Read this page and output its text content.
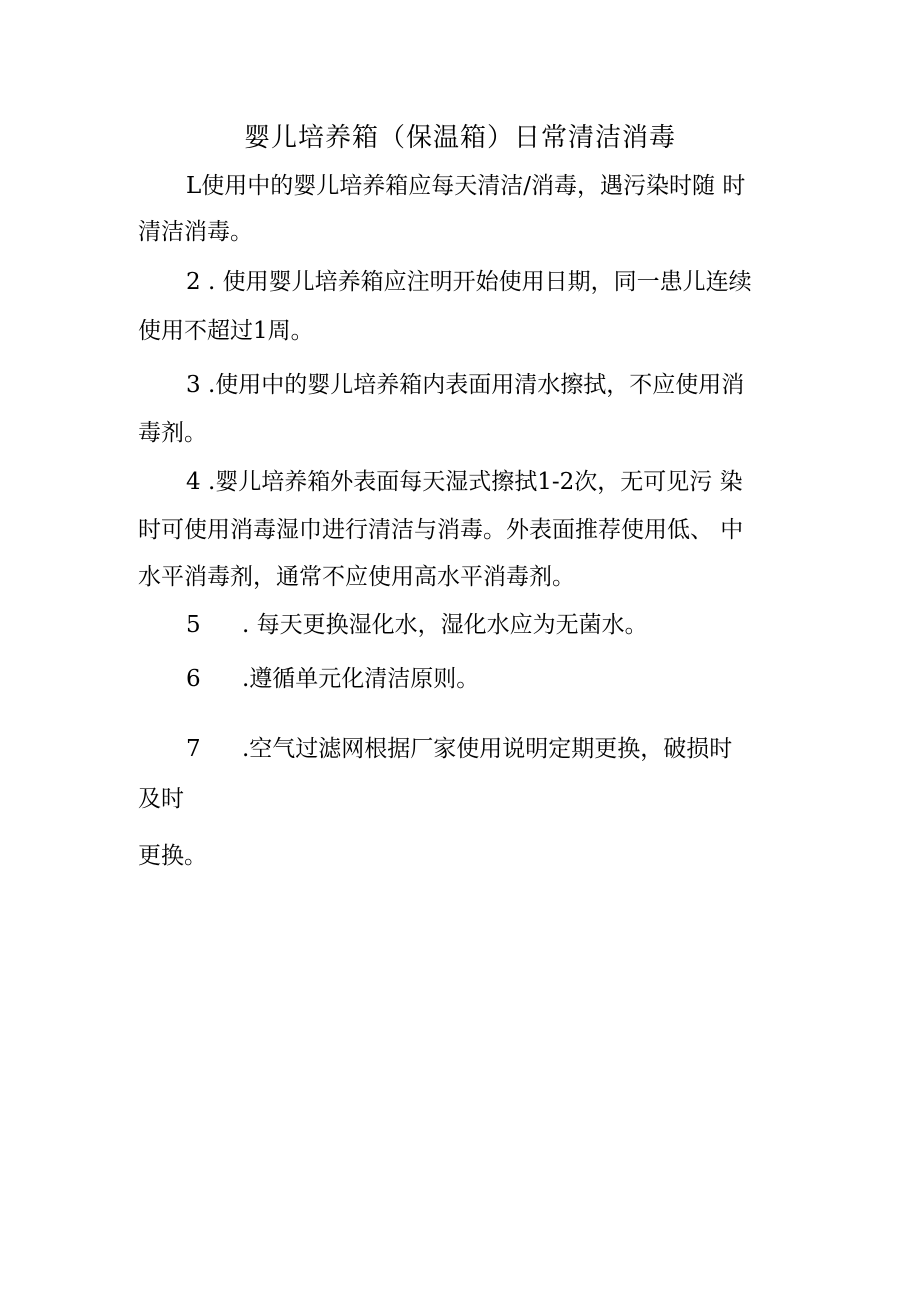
婴儿培养箱（保温箱）日常清洁消毒
L使用中的婴儿培养箱应每天清洁/消毒，遇污染时随 时
清洁消毒。
2 . 使用婴儿培养箱应注明开始使用日期，同一患儿连续
使用不超过1周。
3 .使用中的婴儿培养箱内表面用清水擦拭，不应使用消
毒剂。
4 .婴儿培养箱外表面每天湿式擦拭1-2次，无可见污 染
时可使用消毒湿巾进行清洁与消毒。外表面推荐使用低、 中
水平消毒剂，通常不应使用高水平消毒剂。
5 . 每天更换湿化水，湿化水应为无菌水。
6 .遵循单元化清洁原则。
7 .空气过滤网根据厂家使用说明定期更换，破损时
及时
更换。
